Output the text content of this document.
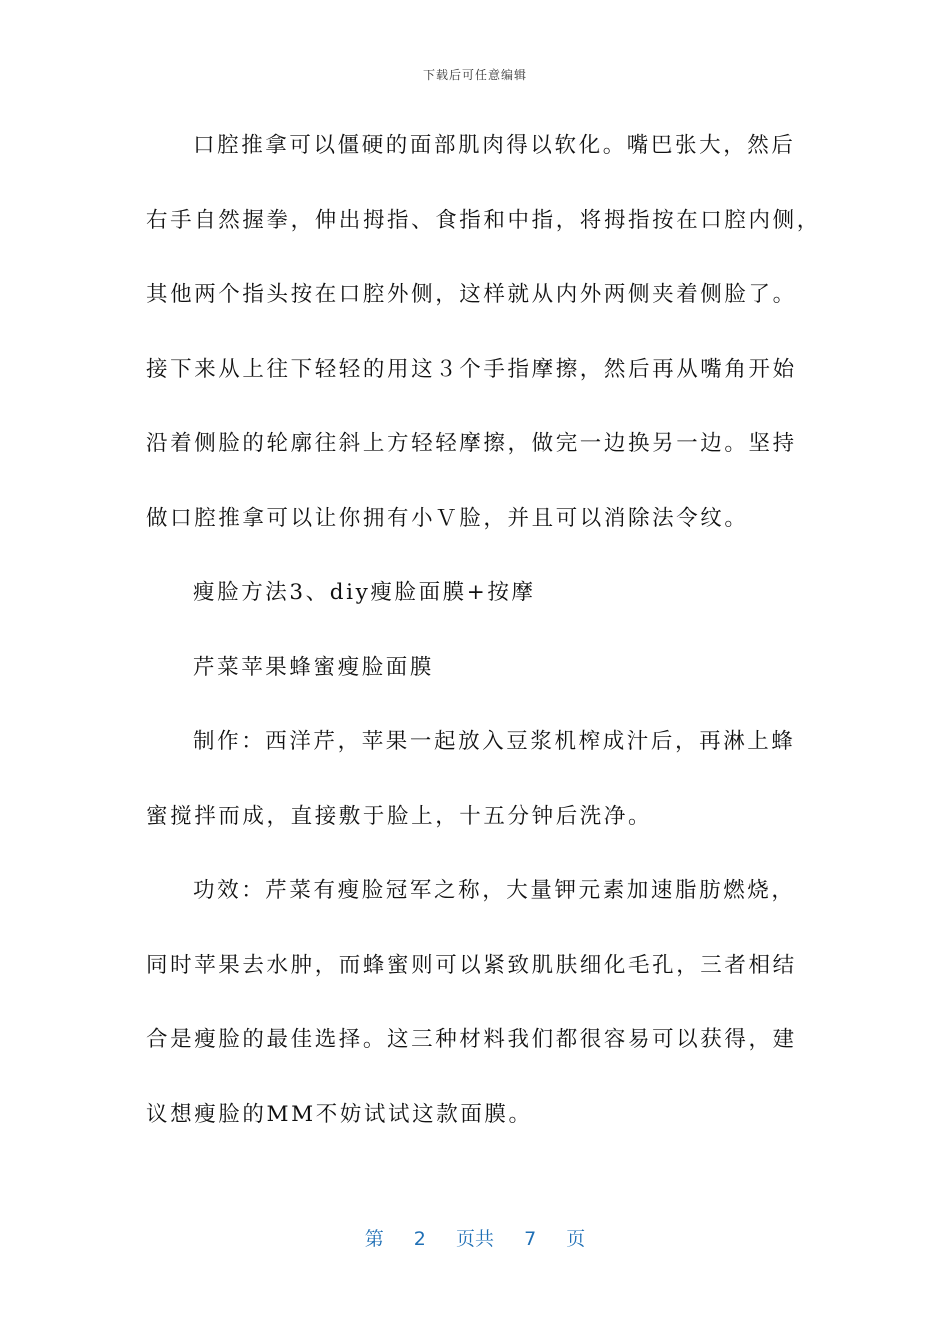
下载后可任意编辑
口腔推拿可以僵硬的面部肌肉得以软化。嘴巴张大，然后
右手自然握拳，伸出拇指、食指和中指，将拇指按在口腔内侧，
其他两个指头按在口腔外侧，这样就从内外两侧夹着侧脸了。
接下来从上往下轻轻的用这３个手指摩擦，然后再从嘴角开始
沿着侧脸的轮廓往斜上方轻轻摩擦，做完一边换另一边。坚持
做口腔推拿可以让你拥有小Ｖ脸，并且可以消除法令纹。
瘦脸方法3、diy瘦脸面膜+按摩
芹菜苹果蜂蜜瘦脸面膜
制作：西洋芹，苹果一起放入豆浆机榨成汁后，再淋上蜂
蜜搅拌而成，直接敷于脸上，十五分钟后洗净。
功效：芹菜有瘦脸冠军之称，大量钾元素加速脂肪燃烧，
同时苹果去水肿，而蜂蜜则可以紧致肌肤细化毛孔，三者相结
合是瘦脸的最佳选择。这三种材料我们都很容易可以获得，建
议想瘦脸的MM不妨试试这款面膜。
第 2 页共 7 页
